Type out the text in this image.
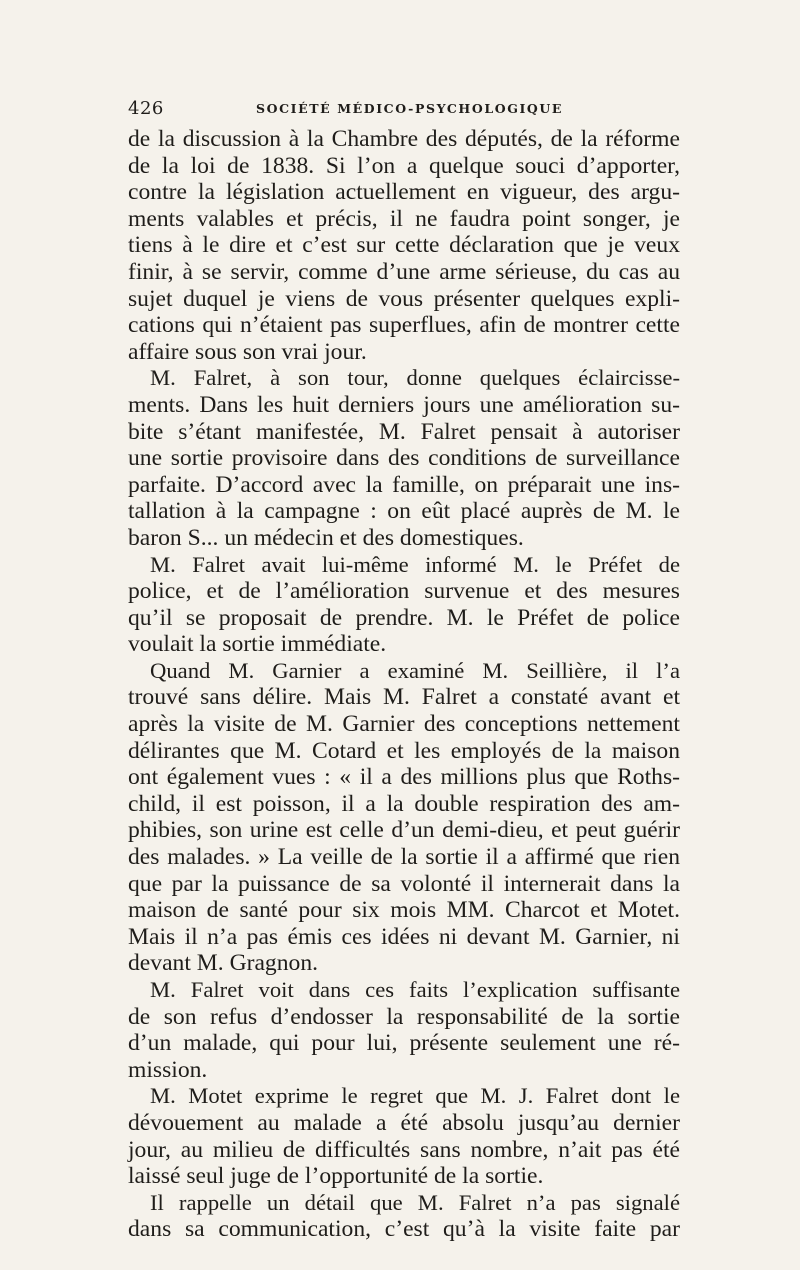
426	SOCIÉTÉ MÉDICO-PSYCHOLOGIQUE
de la discussion à la Chambre des députés, de la réforme
de la loi de 1838. Si l’on a quelque souci d’apporter,
contre la législation actuellement en vigueur, des argu-
ments valables et précis, il ne faudra point songer, je
tiens à le dire et c’est sur cette déclaration que je veux
finir, à se servir, comme d’une arme sérieuse, du cas au
sujet duquel je viens de vous présenter quelques expli-
cations qui n’étaient pas superflues, afin de montrer cette
affaire sous son vrai jour.
M. Falret, à son tour, donne quelques éclaircisse-
ments. Dans les huit derniers jours une amélioration su-
bite s’étant manifestée, M. Falret pensait à autoriser
une sortie provisoire dans des conditions de surveillance
parfaite. D’accord avec la famille, on préparait une ins-
tallation à la campagne : on eût placé auprès de M. le
baron S... un médecin et des domestiques.
M. Falret avait lui-même informé M. le Préfet de
police, et de l’amélioration survenue et des mesures
qu’il se proposait de prendre. M. le Préfet de police
voulait la sortie immédiate.
Quand M. Garnier a examiné M. Seillière, il l’a
trouvé sans délire. Mais M. Falret a constaté avant et
après la visite de M. Garnier des conceptions nettement
délirantes que M. Cotard et les employés de la maison
ont également vues : « il a des millions plus que Roths-
child, il est poisson, il a la double respiration des am-
phibies, son urine est celle d’un demi-dieu, et peut guérir
des malades. » La veille de la sortie il a affirmé que rien
que par la puissance de sa volonté il internerait dans la
maison de santé pour six mois MM. Charcot et Motet.
Mais il n’a pas émis ces idées ni devant M. Garnier, ni
devant M. Gragnon.
M. Falret voit dans ces faits l’explication suffisante
de son refus d’endosser la responsabilité de la sortie
d’un malade, qui pour lui, présente seulement une ré-
mission.
M. Motet exprime le regret que M. J. Falret dont le
dévouement au malade a été absolu jusqu’au dernier
jour, au milieu de difficultés sans nombre, n’ait pas été
laissé seul juge de l’opportunité de la sortie.
Il rappelle un détail que M. Falret n’a pas signalé
dans sa communication, c’est qu’à la visite faite par
